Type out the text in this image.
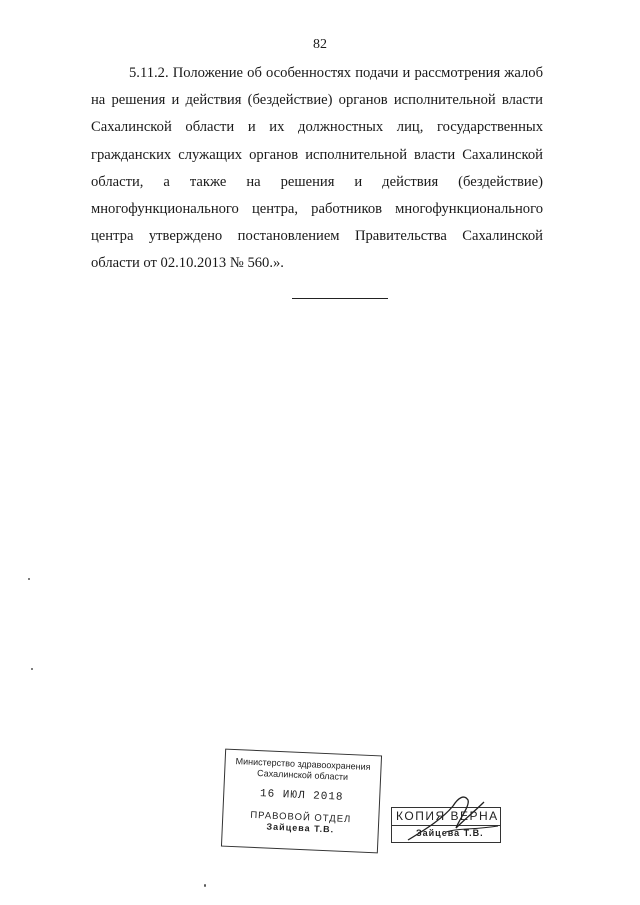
82

5.11.2. Положение об особенностях подачи и рассмотрения жалоб на решения и действия (бездействие) органов исполнительной власти Сахалинской области и их должностных лиц, государственных гражданских служащих органов исполнительной власти Сахалинской области, а также на решения и действия (бездействие) многофункционального центра, работников многофункционального центра утверждено постановлением Правительства Сахалинской области от 02.10.2013 № 560.».

Министерство здравоохранения
Сахалинской области
16 ИЮЛ 2018
ПРАВОВОЙ ОТДЕЛ
Зайцева Т.В.
КОПИЯ ВЕРНА
Зайцева Т.В.
